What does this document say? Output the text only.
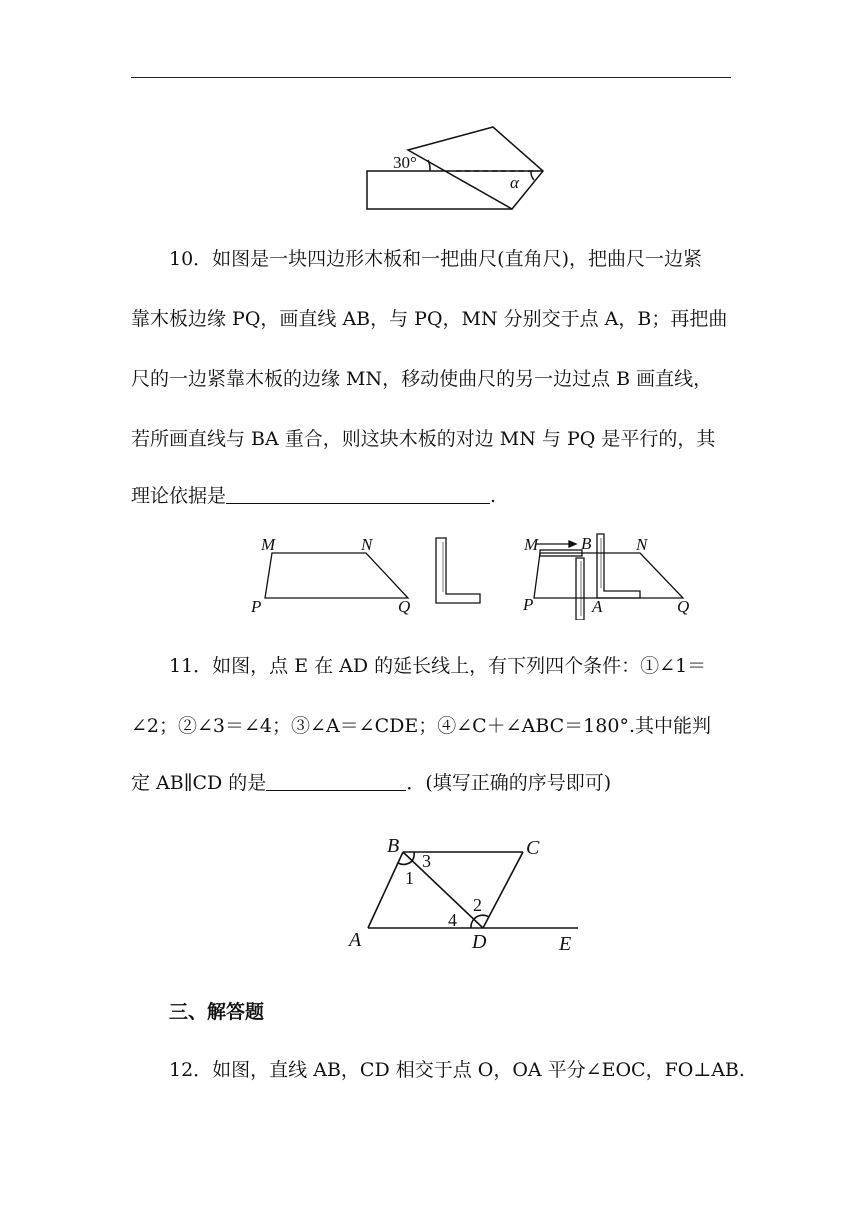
30°
α
10．如图是一块四边形木板和一把曲尺(直角尺)，把曲尺一边紧
靠木板边缘 PQ，画直线 AB，与 PQ，MN 分别交于点 A，B；再把曲
尺的一边紧靠木板的边缘 MN，移动使曲尺的另一边过点 B 画直线，
若所画直线与 BA 重合，则这块木板的对边 MN 与 PQ 是平行的，其
理论依据是	.
M	N
P	Q
M	B	N
P	A	Q
11．如图，点 E 在 AD 的延长线上，有下列四个条件：①∠1＝
∠2；②∠3＝∠4；③∠A＝∠CDE；④∠C＋∠ABC＝180°.其中能判
定 AB∥CD 的是	．(填写正确的序号即可)
B	C
A	D	E
1
3
2
4
三、解答题
12．如图，直线 AB，CD 相交于点 O，OA 平分∠EOC，FO⊥AB.
